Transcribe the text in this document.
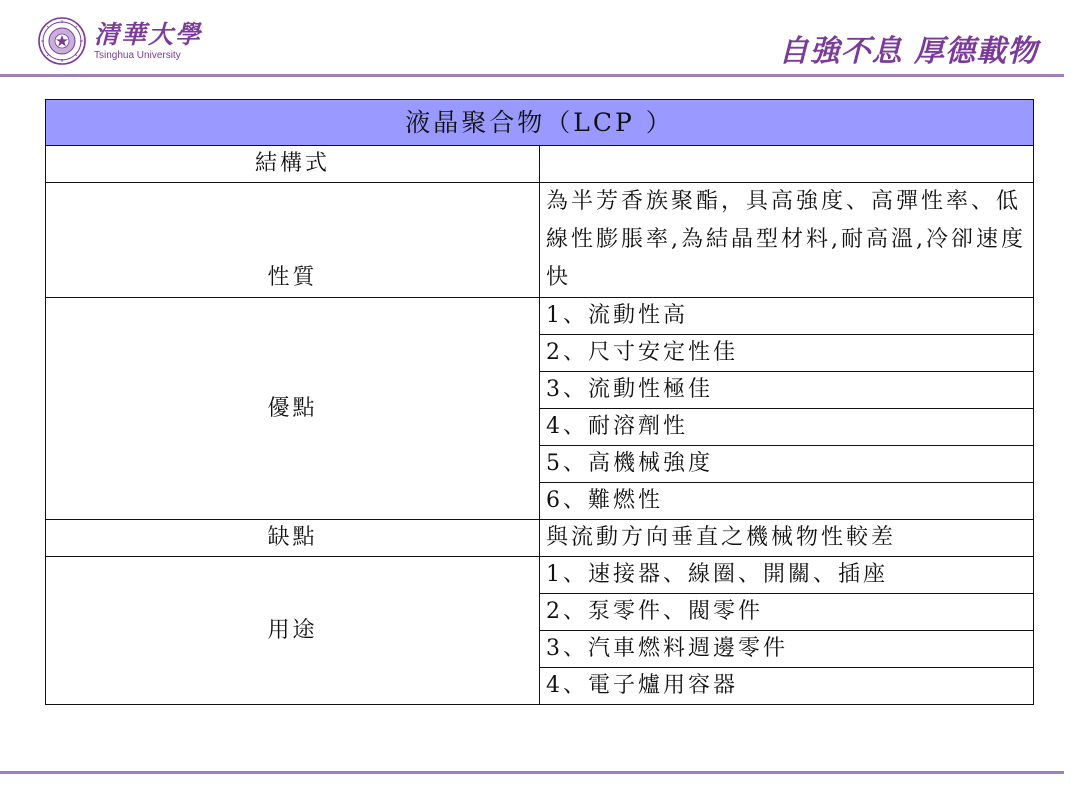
清華大學
Tsinghua University	自強不息 厚德載物
液晶聚合物（LCP ）	
結構式	
性質	為半芳香族聚酯，具高強度、高彈性率、低線性膨脹率,為結晶型材料,耐高溫,冷卻速度快
優點	1、流動性高
	2、尺寸安定性佳
	3、流動性極佳
	4、耐溶劑性
	5、高機械強度
	6、難燃性
缺點	與流動方向垂直之機械物性較差
用途	1、速接器、線圈、開關、插座
	2、泵零件、閥零件
	3、汽車燃料週邊零件
	4、電子爐用容器
